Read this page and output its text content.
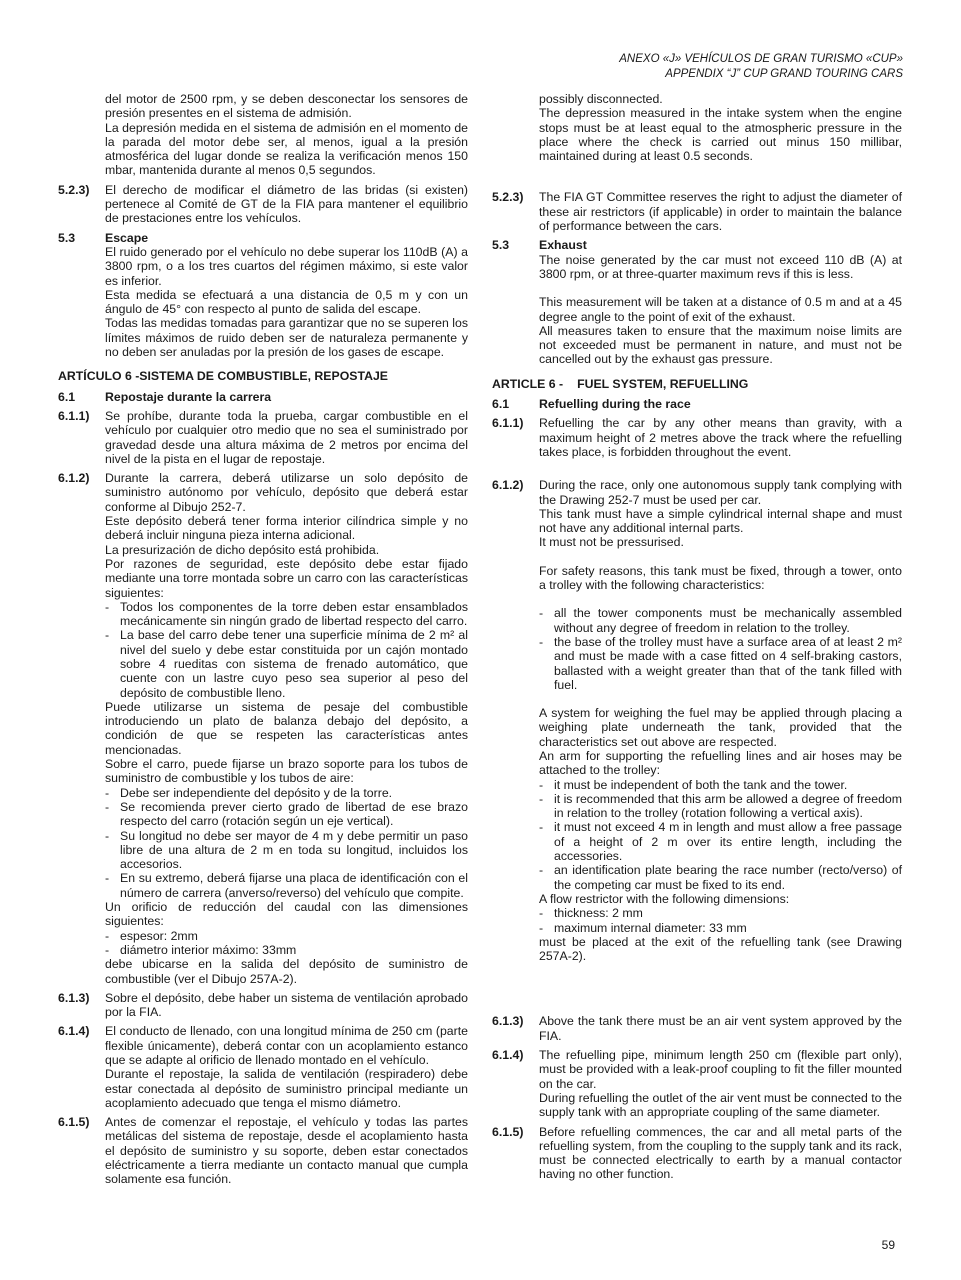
ANEXO «J» VEHÍCULOS DE GRAN TURISMO «CUP»
APPENDIX “J” CUP GRAND TOURING CARS

del motor de 2500 rpm, y se deben desconectar los sensores de presión presentes en el sistema de admisión.

La depresión medida en el sistema de admisión en el momento de la parada del motor debe ser, al menos, igual a la presión atmosférica del lugar donde se realiza la verificación menos 150 mbar, mantenida durante al menos 0,5 segundos.

5.2.3) El derecho de modificar el diámetro de las bridas (si existen) pertenece al Comité de GT de la FIA para mantener el equilibrio de prestaciones entre los vehículos.

5.3 Escape

El ruido generado por el vehículo no debe superar los 110dB (A) a 3800 rpm, o a los tres cuartos del régimen máximo, si este valor es inferior.

Esta medida se efectuará a una distancia de 0,5 m y con un ángulo de 45° con respecto al punto de salida del escape.

Todas las medidas tomadas para garantizar que no se superen los límites máximos de ruido deben ser de naturaleza permanente y no deben ser anuladas por la presión de los gases de escape.

ARTÍCULO 6 -SISTEMA DE COMBUSTIBLE, REPOSTAJE
6.1 Repostaje durante la carrera
6.1.1) Se prohíbe, durante toda la prueba, cargar combustible en el vehículo por cualquier otro medio que no sea el suministrado por gravedad desde una altura máxima de 2 metros por encima del nivel de la pista en el lugar de repostaje.

6.1.2) Durante la carrera, deberá utilizarse un solo depósito de suministro autónomo por vehículo, depósito que deberá estar conforme al Dibujo 252-7.

Este depósito deberá tener forma interior cilíndrica simple y no deberá incluir ninguna pieza interna adicional.

La presurización de dicho depósito está prohibida.

Por razones de seguridad, este depósito debe estar fijado mediante una torre montada sobre un carro con las características siguientes:

- Todos los componentes de la torre deben estar ensamblados mecánicamente sin ningún grado de libertad respecto del carro.
- La base del carro debe tener una superficie mínima de 2 m² al nivel del suelo y debe estar constituida por un cajón montado sobre 4 rueditas con sistema de frenado automático, que cuente con un lastre cuyo peso sea superior al peso del depósito de combustible lleno.

Puede utilizarse un sistema de pesaje del combustible introduciendo un plato de balanza debajo del depósito, a condición de que se respeten las características antes mencionadas.

Sobre el carro, puede fijarse un brazo soporte para los tubos de suministro de combustible y los tubos de aire:

- Debe ser independiente del depósito y de la torre.
- Se recomienda prever cierto grado de libertad de ese brazo respecto del carro (rotación según un eje vertical).
- Su longitud no debe ser mayor de 4 m y debe permitir un paso libre de una altura de 2 m en toda su longitud, incluidos los accesorios.
- En su extremo, deberá fijarse una placa de identificación con el número de carrera (anverso/reverso) del vehículo que compite.

Un orificio de reducción del caudal con las dimensiones siguientes:

- espesor: 2mm
- diámetro interior máximo: 33mm

debe ubicarse en la salida del depósito de suministro de combustible (ver el Dibujo 257A-2).

6.1.3) Sobre el depósito, debe haber un sistema de ventilación aprobado por la FIA.

6.1.4) El conducto de llenado, con una longitud mínima de 250 cm (parte flexible únicamente), deberá contar con un acoplamiento estanco que se adapte al orificio de llenado montado en el vehículo.

Durante el repostaje, la salida de ventilación (respiradero) debe estar conectada al depósito de suministro principal mediante un acoplamiento adecuado que tenga el mismo diámetro.

6.1.5) Antes de comenzar el repostaje, el vehículo y todas las partes metálicas del sistema de repostaje, desde el acoplamiento hasta el depósito de suministro y su soporte, deben estar conectados eléctricamente a tierra mediante un contacto manual que cumpla solamente esa función.

possibly disconnected.

The depression measured in the intake system when the engine stops must be at least equal to the atmospheric pressure in the place where the check is carried out minus 150 millibar, maintained during at least 0.5 seconds.

5.2.3) The FIA GT Committee reserves the right to adjust the diameter of these air restrictors (if applicable) in order to maintain the balance of performance between the cars.

5.3 Exhaust

The noise generated by the car must not exceed 110 dB (A) at 3800 rpm, or at three-quarter maximum revs if this is less.

This measurement will be taken at a distance of 0.5 m and at a 45 degree angle to the point of exit of the exhaust.

All measures taken to ensure that the maximum noise limits are not exceeded must be permanent in nature, and must not be cancelled out by the exhaust gas pressure.

ARTICLE 6 - FUEL SYSTEM, REFUELLING
6.1 Refuelling during the race
6.1.1) Refuelling the car by any other means than gravity, with a maximum height of 2 metres above the track where the refuelling takes place, is forbidden throughout the event.

6.1.2) During the race, only one autonomous supply tank complying with the Drawing 252-7 must be used per car.

This tank must have a simple cylindrical internal shape and must not have any additional internal parts.

It must not be pressurised.

For safety reasons, this tank must be fixed, through a tower, onto a trolley with the following characteristics:

- all the tower components must be mechanically assembled without any degree of freedom in relation to the trolley.
- the base of the trolley must have a surface area of at least 2 m² and must be made with a case fitted on 4 self-braking castors, ballasted with a weight greater than that of the tank filled with fuel.

A system for weighing the fuel may be applied through placing a weighing plate underneath the tank, provided that the characteristics set out above are respected.

An arm for supporting the refuelling lines and air hoses may be attached to the trolley:

- it must be independent of both the tank and the tower.
- it is recommended that this arm be allowed a degree of freedom in relation to the trolley (rotation following a vertical axis).
- it must not exceed 4 m in length and must allow a free passage of a height of 2 m over its entire length, including the accessories.
- an identification plate bearing the race number (recto/verso) of the competing car must be fixed to its end.

A flow restrictor with the following dimensions:

- thickness: 2 mm
- maximum internal diameter: 33 mm

must be placed at the exit of the refuelling tank (see Drawing 257A-2).

6.1.3) Above the tank there must be an air vent system approved by the FIA.

6.1.4) The refuelling pipe, minimum length 250 cm (flexible part only), must be provided with a leak-proof coupling to fit the filler mounted on the car.

During refuelling the outlet of the air vent must be connected to the supply tank with an appropriate coupling of the same diameter.

6.1.5) Before refuelling commences, the car and all metal parts of the refuelling system, from the coupling to the supply tank and its rack, must be connected electrically to earth by a manual contactor having no other function.

59
